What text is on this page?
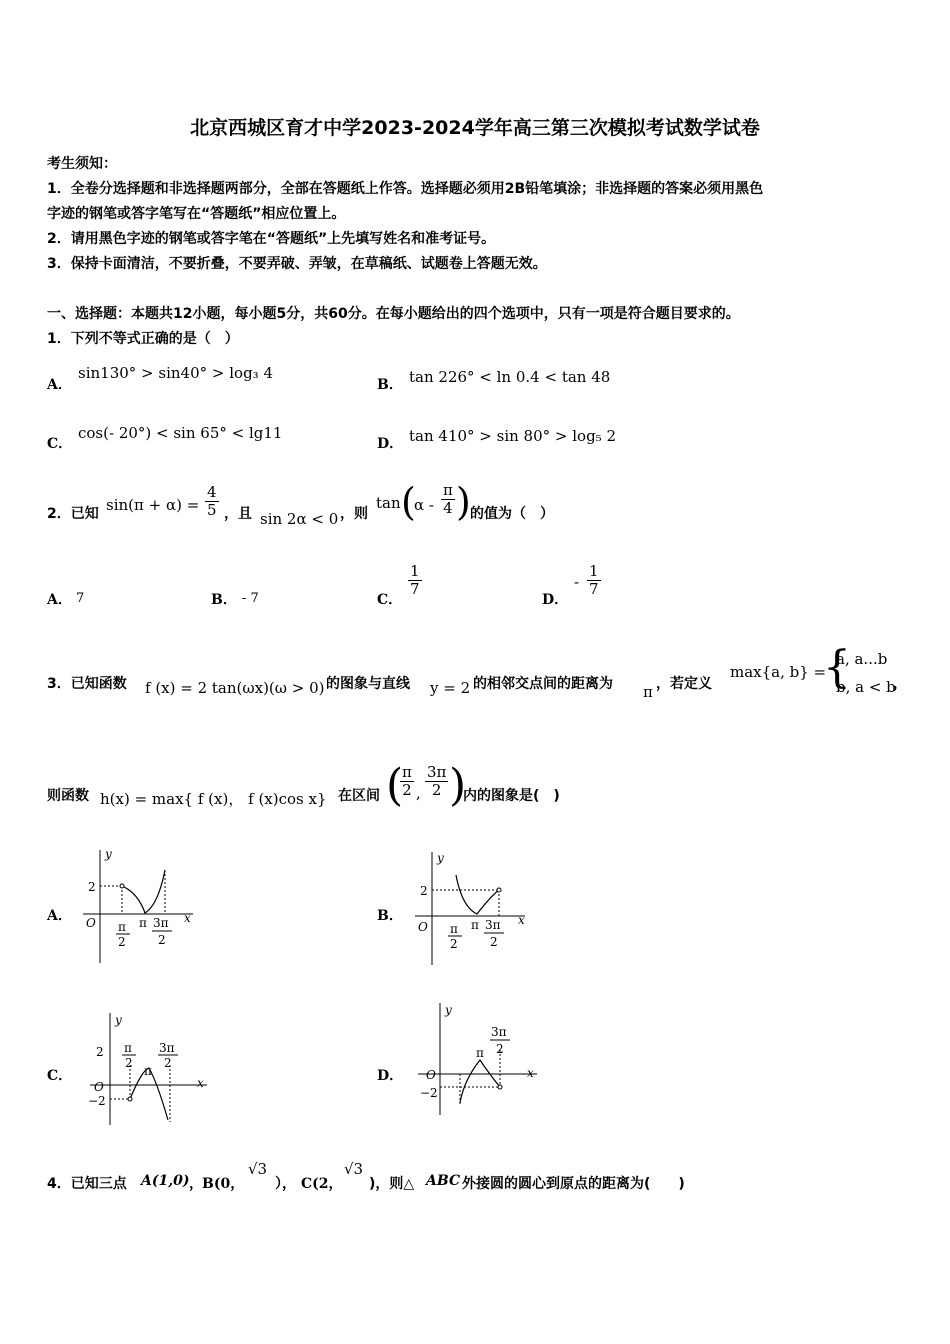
北京西城区育才中学2023-2024学年高三第三次模拟考试数学试卷
考生须知：
1．全卷分选择题和非选择题两部分，全部在答题纸上作答。选择题必须用2B铅笔填涂；非选择题的答案必须用黑色
字迹的钢笔或答字笔写在“答题纸”相应位置上。
2．请用黑色字迹的钢笔或答字笔在“答题纸”上先填写姓名和准考证号。
3．保持卡面清洁，不要折叠，不要弄破、弄皱，在草稿纸、试题卷上答题无效。
一、选择题：本题共12小题，每小题5分，共60分。在每小题给出的四个选项中，只有一项是符合题目要求的。
1．下列不等式正确的是（　）
A．
sin130° > sin40° > log₃ 4
B． tan 226° < ln 0.4 < tan 48
C．
cos(- 20°) < sin 65° < lg11
D． tan 410° > sin 80° > log₅ 2
2．已知 $\sin(\pi + \alpha) = \frac{4}{5}$ ，且 sin 2α < 0 ，则
tan (
α - $\frac{\pi}{4}$ ) 的值为（　）
A． 7	B． - 7	C．
$\frac{1}{7}$
D．
- $\frac{1}{7}$
3．已知函数 f (x) = 2 tan(ωx)(ω > 0) 的图象与直线 y = 2 的相邻交点间的距离为 π ，若定义
max{a, b} =
{
a, a...b
b, a < b
，
则函数 h(x) = max{ f (x)， f (x)cos x} 在区间 (
$\frac{\pi}{2}$ , $\frac{3\pi}{2}$ )
内的图象是(　)
A．	B．
C．	D．
y
x
O
2
π
2
π 3π
2
y
x
O
2
π
2
π 3π
2
y
x
O
2
−2
π
2
π
3π
2
y
x
O
−2
π
3π
2
4．已知三点 A(1,0) ， B(0，
√3
）， C(2，
√3
)，则△ ABC 外接圆的圆心到原点的距离为(　　)
